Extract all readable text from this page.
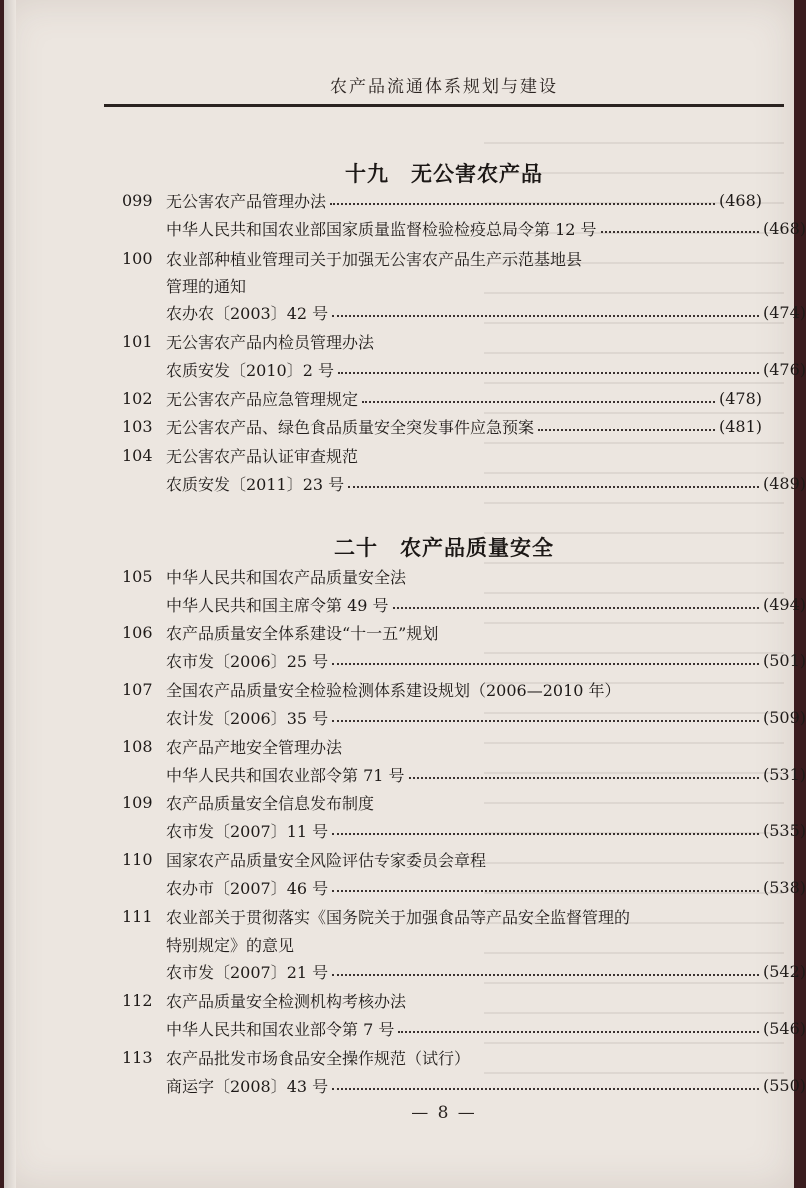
农产品流通体系规划与建设
十九　无公害农产品
099 无公害农产品管理办法	(468)
中华人民共和国农业部国家质量监督检验检疫总局令第 12 号	(468)
100 农业部种植业管理司关于加强无公害农产品生产示范基地县
管理的通知
农办农〔2003〕42 号	(474)
101 无公害农产品内检员管理办法
农质安发〔2010〕2 号	(476)
102 无公害农产品应急管理规定	(478)
103 无公害农产品、绿色食品质量安全突发事件应急预案	(481)
104 无公害农产品认证审查规范
农质安发〔2011〕23 号	(489)
二十　农产品质量安全
105 中华人民共和国农产品质量安全法
中华人民共和国主席令第 49 号	(494)
106 农产品质量安全体系建设“十一五”规划
农市发〔2006〕25 号	(501)
107 全国农产品质量安全检验检测体系建设规划（2006—2010 年）
农计发〔2006〕35 号	(509)
108 农产品产地安全管理办法
中华人民共和国农业部令第 71 号	(531)
109 农产品质量安全信息发布制度
农市发〔2007〕11 号	(535)
110 国家农产品质量安全风险评估专家委员会章程
农办市〔2007〕46 号	(538)
111 农业部关于贯彻落实《国务院关于加强食品等产品安全监督管理的
特别规定》的意见
农市发〔2007〕21 号	(542)
112 农产品质量安全检测机构考核办法
中华人民共和国农业部令第 7 号	(546)
113 农产品批发市场食品安全操作规范（试行）
商运字〔2008〕43 号	(550)
— 8 —
